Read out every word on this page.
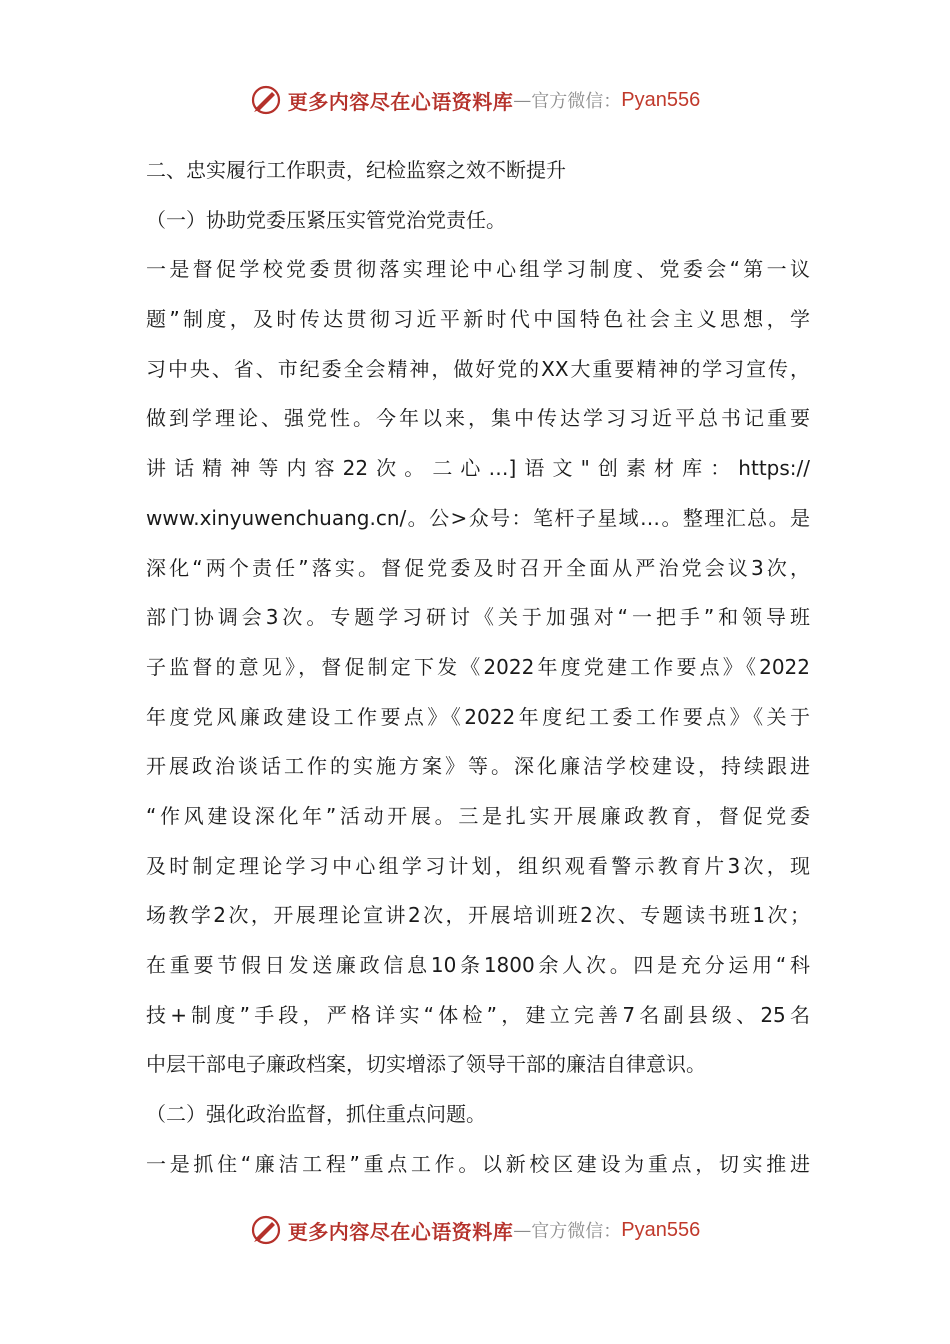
更多内容尽在心语资料库 — 官方微信： Pyan556
二、忠实履行工作职责，纪检监察之效不断提升
（一）协助党委压紧压实管党治党责任。
一是督促学校党委贯彻落实理论中心组学习制度、党委会“第一议
题”制度，及时传达贯彻习近平新时代中国特色社会主义思想，学
习中央、省、市纪委全会精神，做好党的XX大重要精神的学习宣传，
做到学理论、强党性。今年以来，集中传达学习习近平总书记重要
讲话精神等内容22次。二心…]语文"创素材库：https://
www.xinyuwenchuang.cn/。公>众号：笔杆子星域…。整理汇总。是
深化“两个责任”落实。督促党委及时召开全面从严治党会议3次，
部门协调会3次。专题学习研讨《关于加强对“一把手”和领导班
子监督的意见》，督促制定下发《2022年度党建工作要点》《2022
年度党风廉政建设工作要点》《2022年度纪工委工作要点》《关于
开展政治谈话工作的实施方案》等。深化廉洁学校建设，持续跟进
“作风建设深化年”活动开展。三是扎实开展廉政教育，督促党委
及时制定理论学习中心组学习计划，组织观看警示教育片3次，现
场教学2次，开展理论宣讲2次，开展培训班2次、专题读书班1次；
在重要节假日发送廉政信息10条1800余人次。四是充分运用“科
技+制度”手段，严格详实“体检”，建立完善7名副县级、25名
中层干部电子廉政档案，切实增添了领导干部的廉洁自律意识。
（二）强化政治监督，抓住重点问题。
一是抓住“廉洁工程”重点工作。以新校区建设为重点，切实推进
更多内容尽在心语资料库 — 官方微信： Pyan556
